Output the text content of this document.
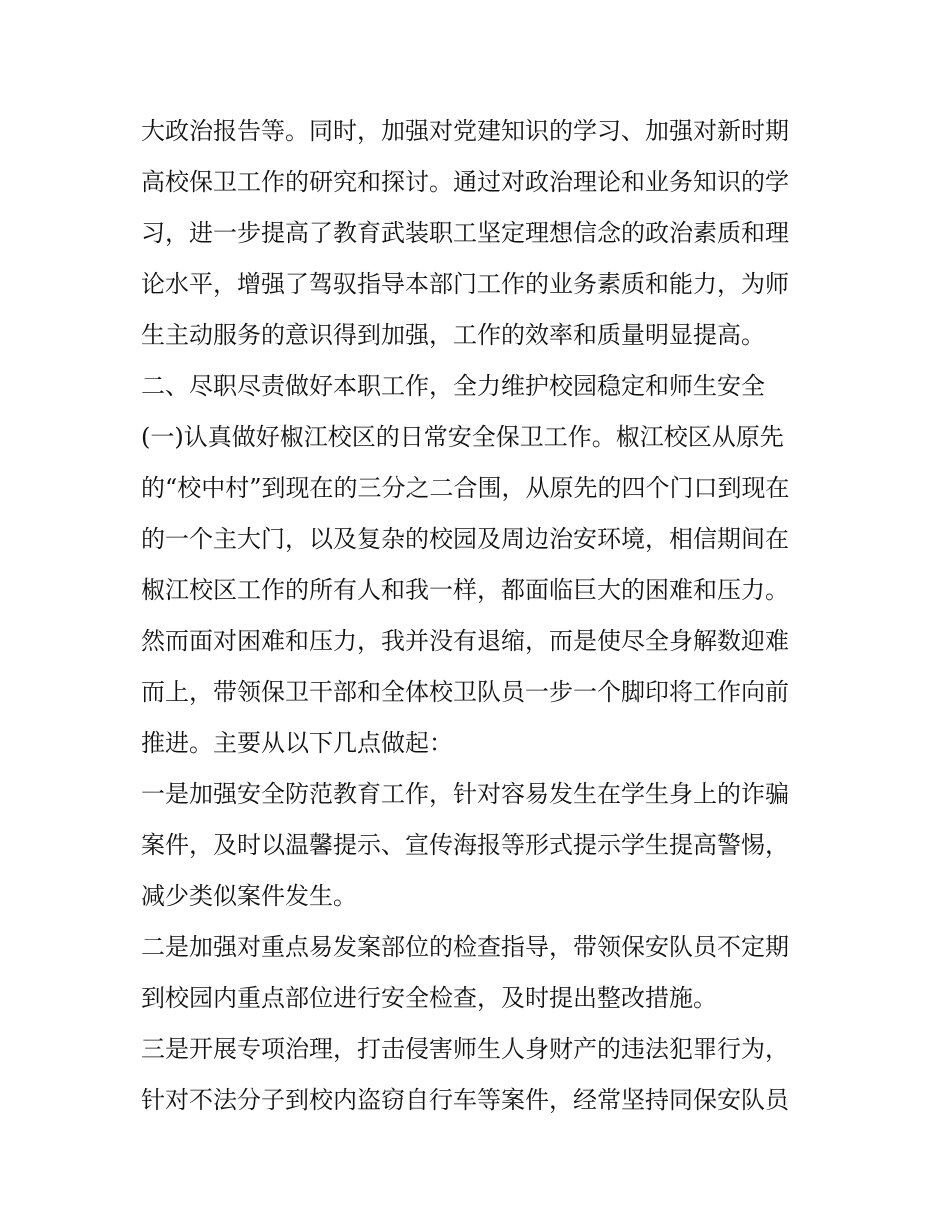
大政治报告等。同时，加强对党建知识的学习、加强对新时期
高校保卫工作的研究和探讨。通过对政治理论和业务知识的学
习，进一步提高了教育武装职工坚定理想信念的政治素质和理
论水平，增强了驾驭指导本部门工作的业务素质和能力，为师
生主动服务的意识得到加强，工作的效率和质量明显提高。
二、尽职尽责做好本职工作，全力维护校园稳定和师生安全
(一)认真做好椒江校区的日常安全保卫工作。椒江校区从原先
的“校中村”到现在的三分之二合围，从原先的四个门口到现在
的一个主大门，以及复杂的校园及周边治安环境，相信期间在
椒江校区工作的所有人和我一样，都面临巨大的困难和压力。
然而面对困难和压力，我并没有退缩，而是使尽全身解数迎难
而上，带领保卫干部和全体校卫队员一步一个脚印将工作向前
推进。主要从以下几点做起：
一是加强安全防范教育工作，针对容易发生在学生身上的诈骗
案件，及时以温馨提示、宣传海报等形式提示学生提高警惕，
减少类似案件发生。
二是加强对重点易发案部位的检查指导，带领保安队员不定期
到校园内重点部位进行安全检查，及时提出整改措施。
三是开展专项治理，打击侵害师生人身财产的违法犯罪行为，
针对不法分子到校内盗窃自行车等案件，经常坚持同保安队员
